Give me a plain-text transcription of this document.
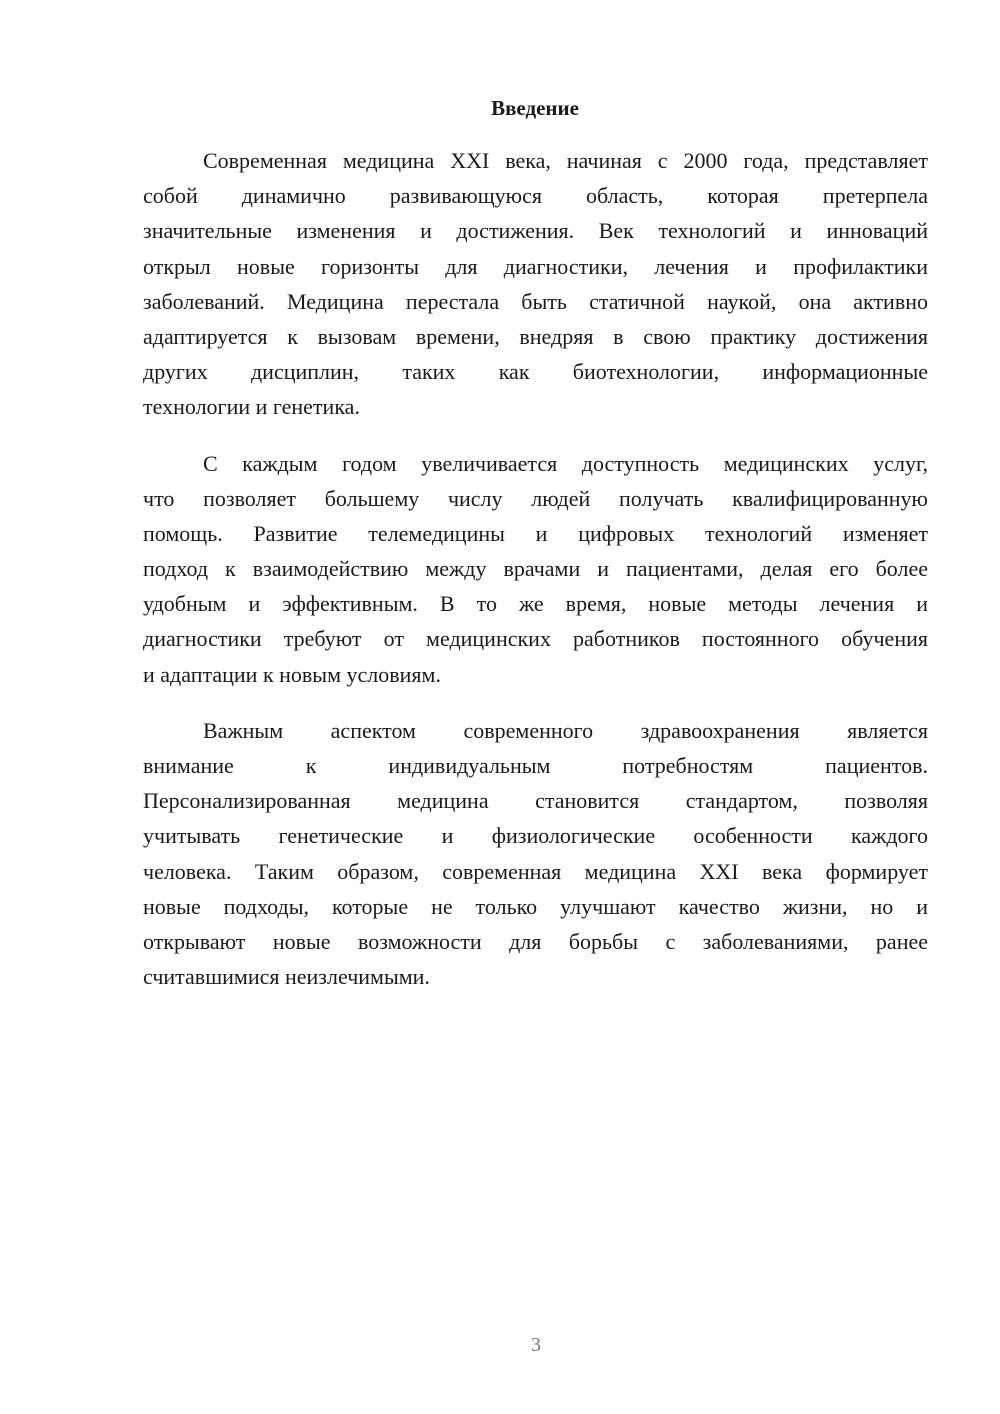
Введение
Современная медицина XXI века, начиная с 2000 года, представляет
собой динамично развивающуюся область, которая претерпела
значительные изменения и достижения. Век технологий и инноваций
открыл новые горизонты для диагностики, лечения и профилактики
заболеваний. Медицина перестала быть статичной наукой, она активно
адаптируется к вызовам времени, внедряя в свою практику достижения
других дисциплин, таких как биотехнологии, информационные
технологии и генетика.
С каждым годом увеличивается доступность медицинских услуг,
что позволяет большему числу людей получать квалифицированную
помощь. Развитие телемедицины и цифровых технологий изменяет
подход к взаимодействию между врачами и пациентами, делая его более
удобным и эффективным. В то же время, новые методы лечения и
диагностики требуют от медицинских работников постоянного обучения
и адаптации к новым условиям.
Важным аспектом современного здравоохранения является
внимание к индивидуальным потребностям пациентов.
Персонализированная медицина становится стандартом, позволяя
учитывать генетические и физиологические особенности каждого
человека. Таким образом, современная медицина XXI века формирует
новые подходы, которые не только улучшают качество жизни, но и
открывают новые возможности для борьбы с заболеваниями, ранее
считавшимися неизлечимыми.
3
